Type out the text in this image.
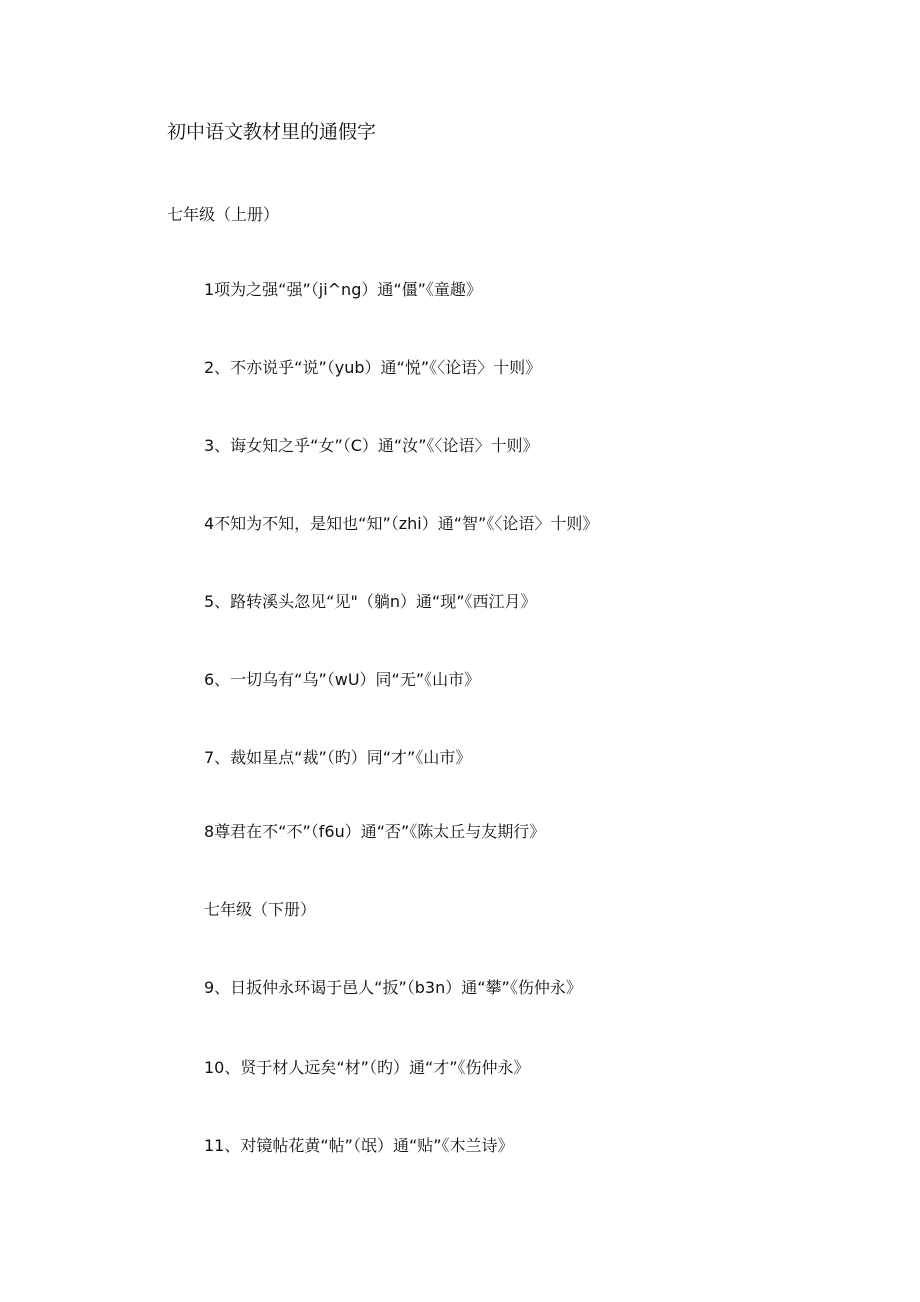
初中语文教材里的通假字
七年级（上册）
1项为之强“强”（ji^ng）通“僵”《童趣》
2、不亦说乎“说”（yub）通“悦”《〈论语〉十则》
3、诲女知之乎“女”（C）通“汝”《〈论语〉十则》
4不知为不知，是知也“知”（zhi）通“智”《〈论语〉十则》
5、路转溪头忽见“见"（躺n）通“现”《西江月》
6、一切乌有“乌”（wU）同“无”《山市》
7、裁如星点“裁”（旳）同“才”《山市》
8尊君在不“不”（f6u）通“否”《陈太丘与友期行》
七年级（下册）
9、日扳仲永环谒于邑人“扳”（b3n）通“攀”《伤仲永》
10、贤于材人远矣“材”（旳）通“才”《伤仲永》
11、对镜帖花黄“帖”（氓）通“贴”《木兰诗》
